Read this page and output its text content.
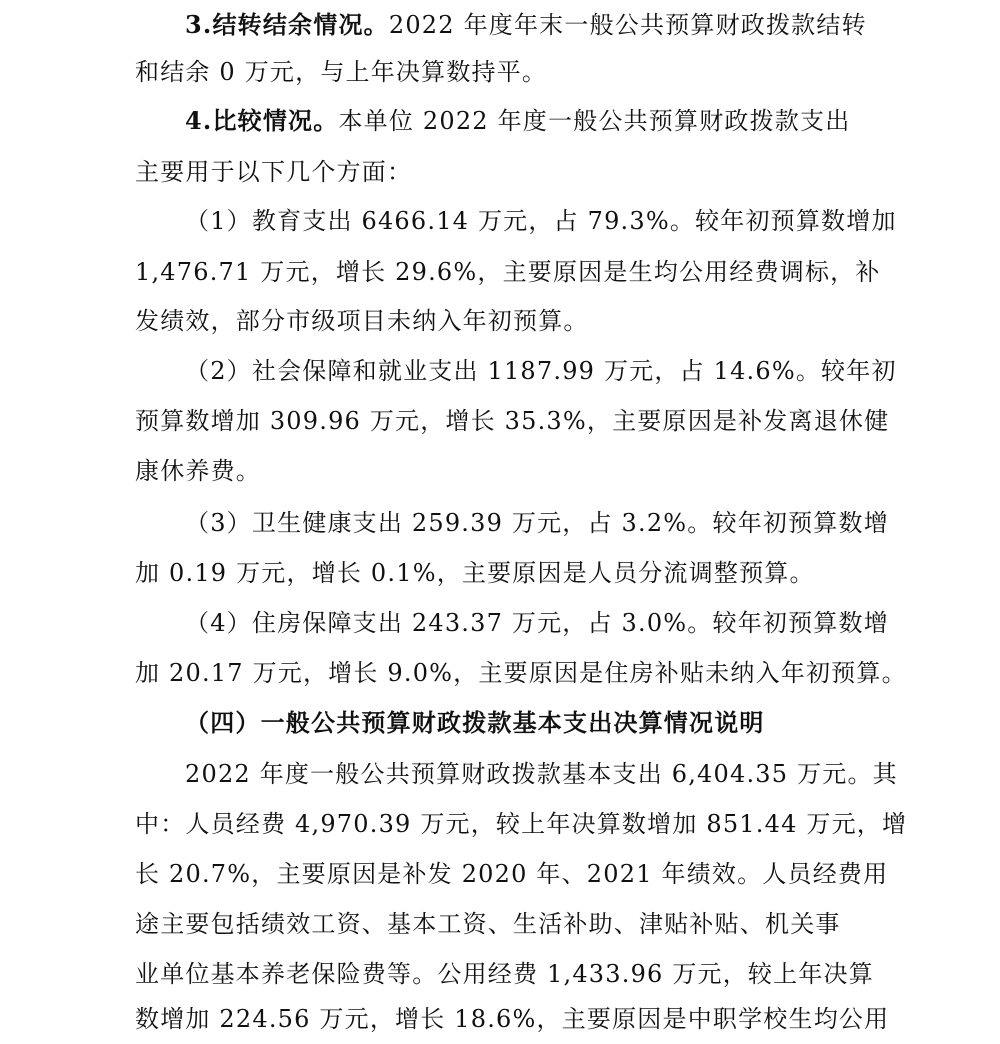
3.结转结余情况。2022 年度年末一般公共预算财政拨款结转
和结余 0 万元，与上年决算数持平。
4.比较情况。本单位 2022 年度一般公共预算财政拨款支出
主要用于以下几个方面：
（1）教育支出 6466.14 万元，占 79.3%。较年初预算数增加
1,476.71 万元，增长 29.6%，主要原因是生均公用经费调标，补
发绩效，部分市级项目未纳入年初预算。
（2）社会保障和就业支出 1187.99 万元，占 14.6%。较年初
预算数增加 309.96 万元，增长 35.3%，主要原因是补发离退休健
康休养费。
（3）卫生健康支出 259.39 万元，占 3.2%。较年初预算数增
加 0.19 万元，增长 0.1%，主要原因是人员分流调整预算。
（4）住房保障支出 243.37 万元，占 3.0%。较年初预算数增
加 20.17 万元，增长 9.0%，主要原因是住房补贴未纳入年初预算。
（四）一般公共预算财政拨款基本支出决算情况说明
2022 年度一般公共预算财政拨款基本支出 6,404.35 万元。其
中：人员经费 4,970.39 万元，较上年决算数增加 851.44 万元，增
长 20.7%，主要原因是补发 2020 年、2021 年绩效。人员经费用
途主要包括绩效工资、基本工资、生活补助、津贴补贴、机关事
业单位基本养老保险费等。公用经费 1,433.96 万元，较上年决算
数增加 224.56 万元，增长 18.6%，主要原因是中职学校生均公用
